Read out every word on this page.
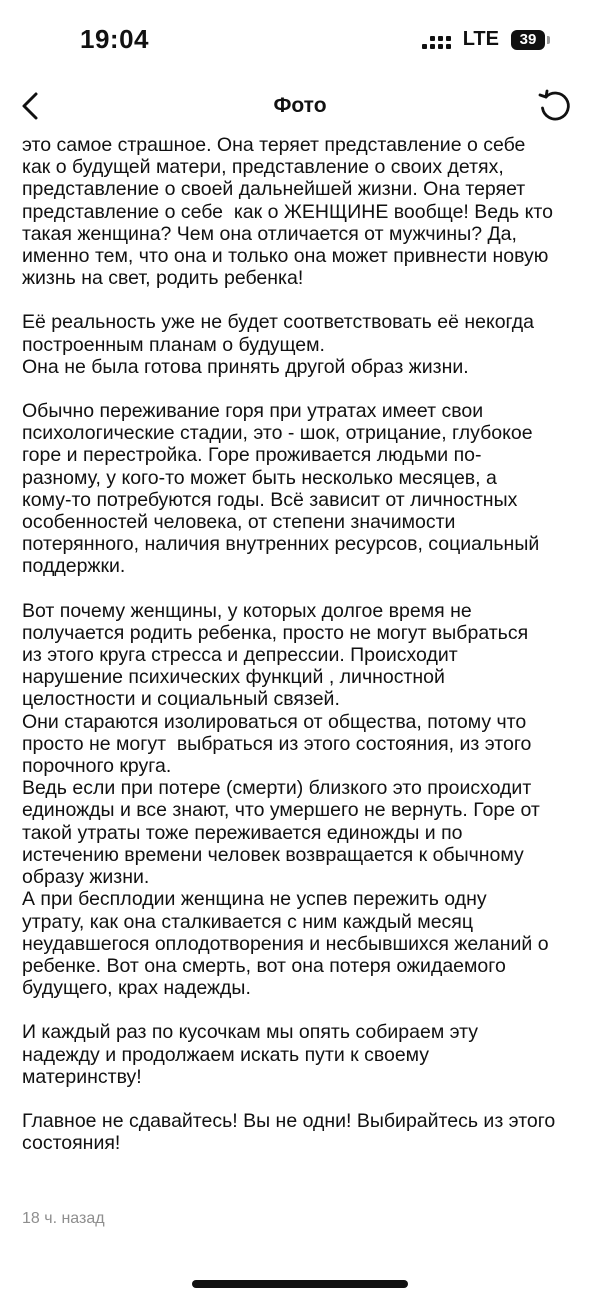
19:04	LTE	39
Фото
это самое страшное. Она теряет представление о себе
как о будущей матери, представление о своих детях,
представление о своей дальнейшей жизни. Она теряет
представление о себе  как о ЖЕНЩИНЕ вообще! Ведь кто
такая женщина? Чем она отличается от мужчины? Да,
именно тем, что она и только она может привнести новую
жизнь на свет, родить ребенка!
Её реальность уже не будет соответствовать её некогда
построенным планам о будущем.
Она не была готова принять другой образ жизни.
Обычно переживание горя при утратах имеет свои
психологические стадии, это - шок, отрицание, глубокое
горе и перестройка. Горе проживается людьми по-
разному, у кого-то может быть несколько месяцев, а
кому-то потребуются годы. Всё зависит от личностных
особенностей человека, от степени значимости
потерянного, наличия внутренних ресурсов, социальный
поддержки.
Вот почему женщины, у которых долгое время не
получается родить ребенка, просто не могут выбраться
из этого круга стресса и депрессии. Происходит
нарушение психических функций , личностной
целостности и социальный связей.
Они стараются изолироваться от общества, потому что
просто не могут  выбраться из этого состояния, из этого
порочного круга.
Ведь если при потере (смерти) близкого это происходит
единожды и все знают, что умершего не вернуть. Горе от
такой утраты тоже переживается единожды и по
истечению времени человек возвращается к обычному
образу жизни.
А при бесплодии женщина не успев пережить одну
утрату, как она сталкивается с ним каждый месяц
неудавшегося оплодотворения и несбывшихся желаний о
ребенке. Вот она смерть, вот она потеря ожидаемого
будущего, крах надежды.
И каждый раз по кусочкам мы опять собираем эту
надежду и продолжаем искать пути к своему
материнству!
Главное не сдавайтесь! Вы не одни! Выбирайтесь из этого
состояния!
18 ч. назад
